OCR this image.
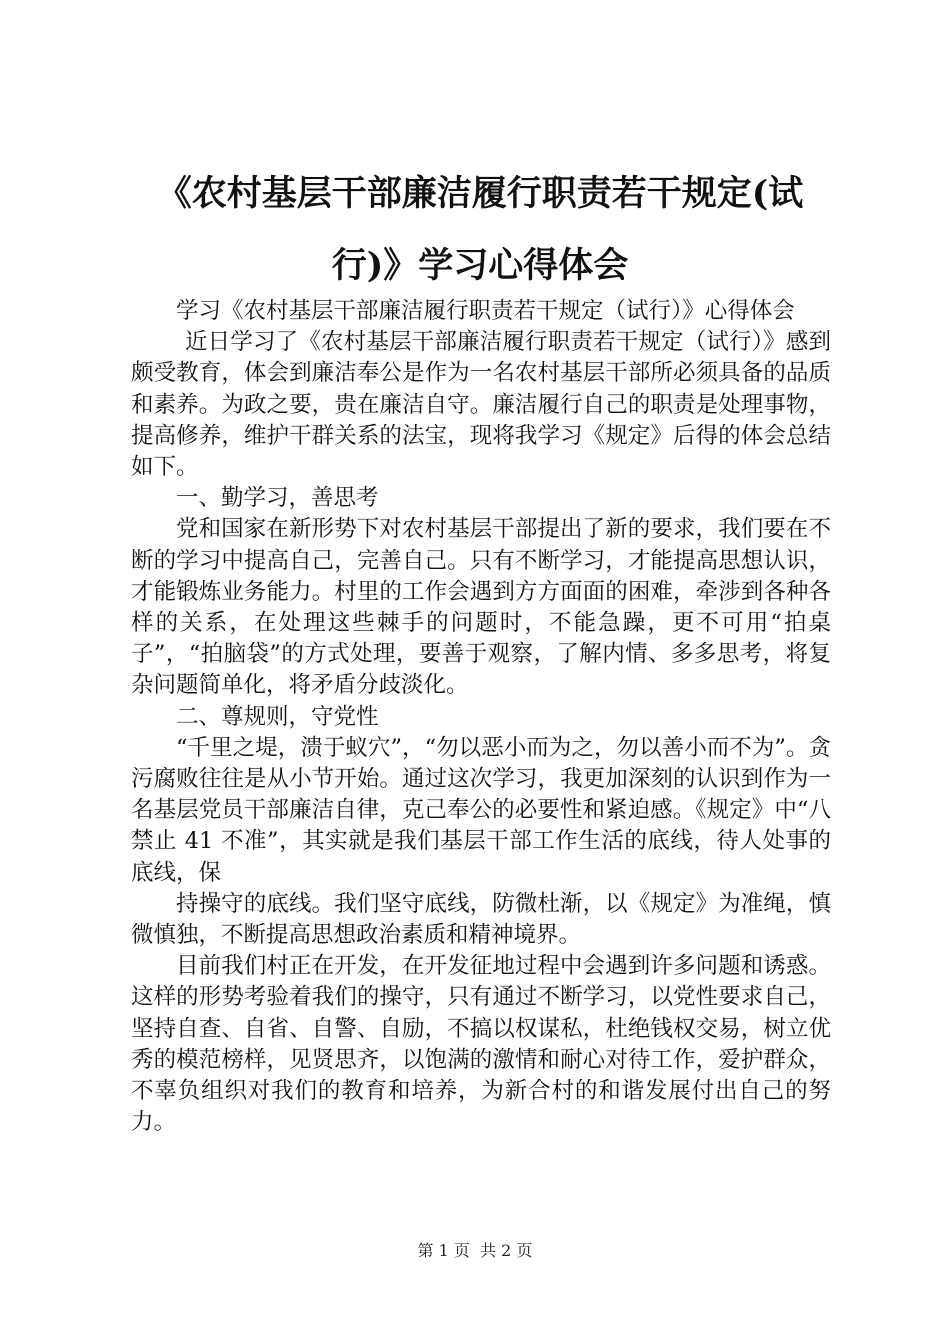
《农村基层干部廉洁履行职责若干规定(试
行)》学习心得体会

学习《农村基层干部廉洁履行职责若干规定（试行）》心得体会

近日学习了《农村基层干部廉洁履行职责若干规定（试行）》感到颇受教育，体会到廉洁奉公是作为一名农村基层干部所必须具备的品质和素养。为政之要，贵在廉洁自守。廉洁履行自己的职责是处理事物，提高修养，维护干群关系的法宝，现将我学习《规定》后得的体会总结如下。

一、勤学习，善思考

党和国家在新形势下对农村基层干部提出了新的要求，我们要在不断的学习中提高自己，完善自己。只有不断学习，才能提高思想认识，才能锻炼业务能力。村里的工作会遇到方方面面的困难，牵涉到各种各样的关系，在处理这些棘手的问题时，不能急躁，更不可用“拍桌子”，“拍脑袋”的方式处理，要善于观察，了解内情、多多思考，将复杂问题简单化，将矛盾分歧淡化。

二、尊规则，守党性

“千里之堤，溃于蚁穴”，“勿以恶小而为之，勿以善小而不为”。贪污腐败往往是从小节开始。通过这次学习，我更加深刻的认识到作为一名基层党员干部廉洁自律，克己奉公的必要性和紧迫感。《规定》中“八禁止 41 不准”，其实就是我们基层干部工作生活的底线，待人处事的底线，保

持操守的底线。我们坚守底线，防微杜渐，以《规定》为准绳，慎微慎独，不断提高思想政治素质和精神境界。

目前我们村正在开发，在开发征地过程中会遇到许多问题和诱惑。这样的形势考验着我们的操守，只有通过不断学习，以党性要求自己，坚持自查、自省、自警、自励，不搞以权谋私，杜绝钱权交易，树立优秀的模范榜样，见贤思齐，以饱满的激情和耐心对待工作，爱护群众，不辜负组织对我们的教育和培养，为新合村的和谐发展付出自己的努力。

第 1 页 共 2 页
